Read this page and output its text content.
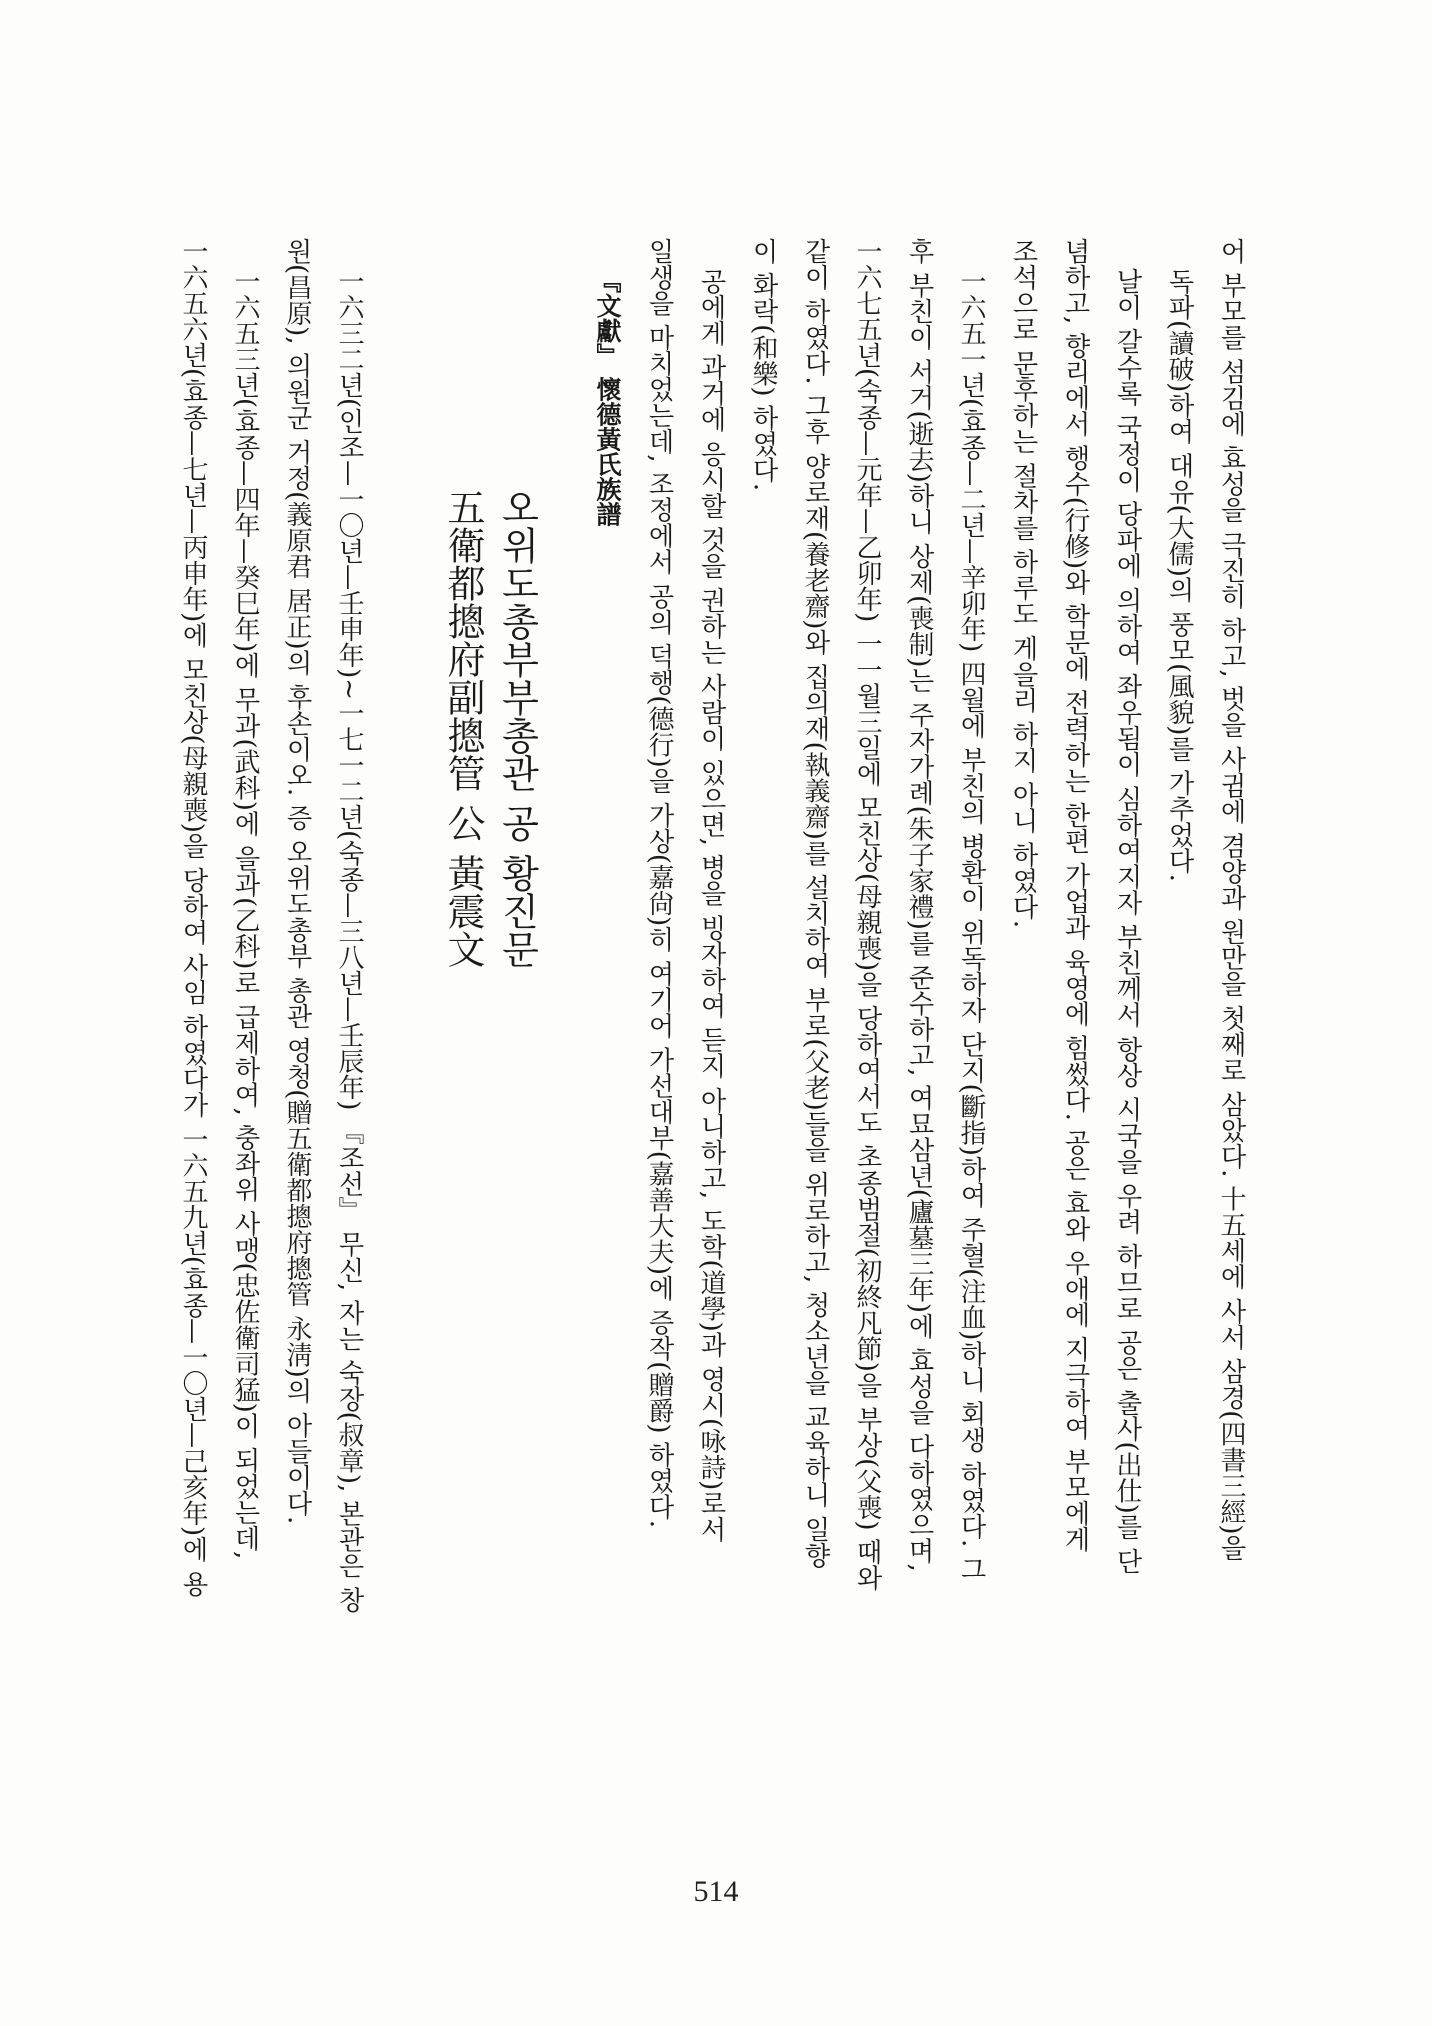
어 부모를 섬김에 효성을 극진히 하고, 벗을 사귐에 겸양과 원만을 첫째로 삼았다. 十五세에 사서 삼경(四書三經)을

독파(讀破)하여 대유(大儒)의 풍모(風貌)를 가추었다.

날이 갈수록 국정이 당파에 의하여 좌우됨이 심하여지자 부친께서 항상 시국을 우려 하므로 공은 출사(出仕)를 단

념하고, 향리에서 행수(行修)와 학문에 전력하는 한편 가업과 육영에 힘썼다. 공은 효와 우애에 지극하여 부모에게

조석으로 문후하는 절차를 하루도 게을리 하지 아니 하였다.

一六五一년(효종—二년—辛卯年) 四월에 부친의 병환이 위독하자 단지(斷指)하여 주혈(注血)하니 회생 하였다. 그

후 부친이 서거(逝去)하니 상제(喪制)는 주자가례(朱子家禮)를 준수하고, 여묘삼년(廬墓三年)에 효성을 다하였으며,

一六七五년(숙종—元年—乙卯年) 一一월三일에 모친상(母親喪)을 당하여서도 초종범절(初終凡節)을 부상(父喪) 때와

같이 하였다. 그후 양로재(養老齋)와 집의재(執義齋)를 설치하여 부로(父老)들을 위로하고, 청소년을 교육하니 일향

이 화락(和樂) 하였다.

공에게 과거에 응시할 것을 권하는 사람이 있으면, 병을 빙자하여 듣지 아니하고, 도학(道學)과 영시(咏詩)로서

일생을 마치었는데, 조정에서 공의 덕행(德行)을 가상(嘉尙)히 여기어 가선대부(嘉善大夫)에 증작(贈爵) 하였다.

『文獻』 懷德黃氏族譜

오위도총부부총관 공 황진문

五衛都摠府副摠管 公 黃震文

一六三二년(인조—一〇년—壬申年)~一七一二년(숙종—三八년—壬辰年) 『조선』 무신, 자는 숙장(叔章), 본관은 창

원(昌原), 의원군 거정(義原君 居正)의 후손이오. 증 오위도총부 총관 영청(贈五衛都摠府摠管 永淸)의 아들이다.

一六五三년(효종—四年—癸巳年)에 무과(武科)에 을과(乙科)로 급제하여, 충좌위 사맹(忠佐衛司猛)이 되었는데,

一六五六년(효종—七년—丙申年)에 모친상(母親喪)을 당하여 사임 하였다가 一六五九년(효종—一〇년—己亥年)에 용

514
